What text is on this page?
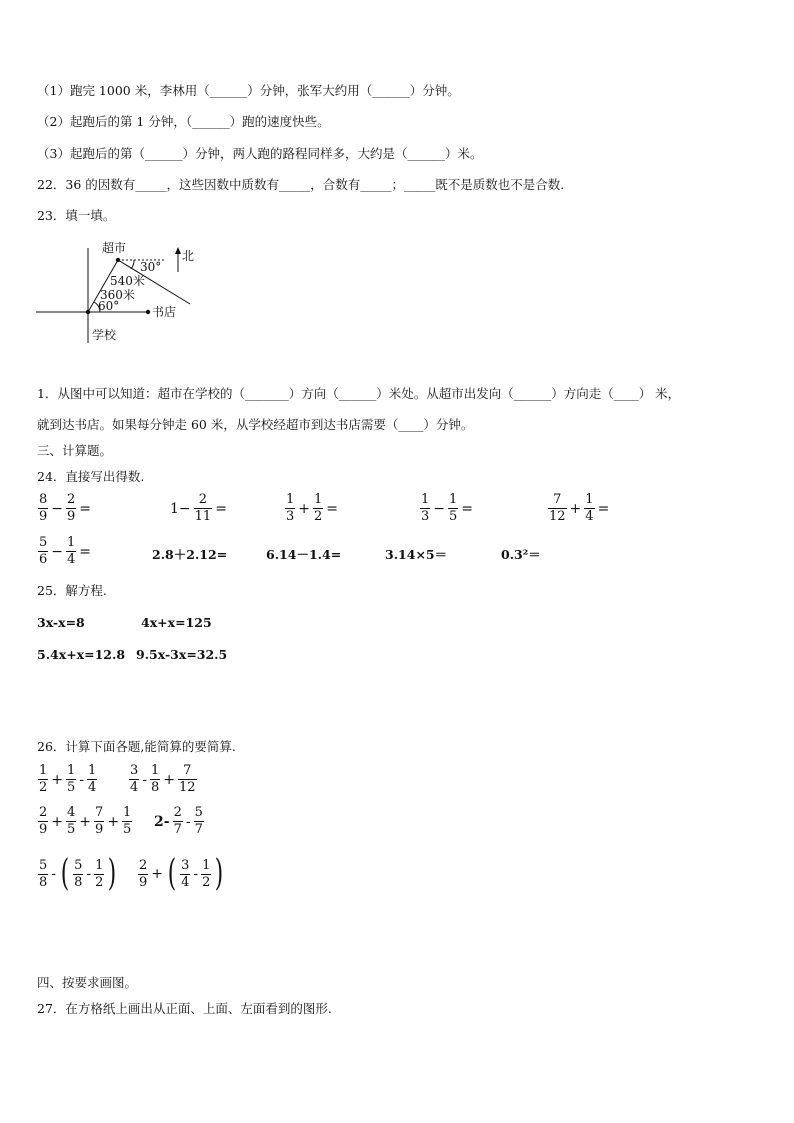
（1）跑完 1000 米，李林用（______）分钟，张军大约用（______）分钟。
（2）起跑后的第 1 分钟，（______）跑的速度快些。
（3）起跑后的第（______）分钟，两人跑的路程同样多，大约是（______）米。
22．36 的因数有_____，这些因数中质数有_____，合数有_____；_____既不是质数也不是合数.
23．填一填。
超市
北
30°
540米
360米
60°	书店
学校
1．从图中可以知道：超市在学校的（_______）方向（______）米处。从超市出发向（______）方向走（____） 米，
就到达书店。如果每分钟走 60 米，从学校经超市到达书店需要（____）分钟。
三、计算题。
24．直接写出得数.
$\frac{8}{9} - \frac{2}{9}$ =	$1- \frac{2}{11}$ =	$\frac{1}{3} + \frac{1}{2}$ =	$\frac{1}{3} - \frac{1}{5}$ =	$\frac{7}{12} + \frac{1}{4}$ =
$\frac{5}{6} - \frac{1}{4}$ =	2.8＋2.12=	6.14－1.4=	3.14×5＝	0.3²＝
25．解方程.
3x-x=8	4x+x=125
5.4x+x=12.8 9.5x-3x=32.5
26．计算下面各题,能简算的要简算.
$\frac{1}{2} + \frac{1}{5} - \frac{1}{4} \frac{3}{4} - \frac{1}{8} + \frac{7}{12}$
$\frac{2}{9} + \frac{4}{5} + \frac{7}{9} + \frac{1}{5} 2- \frac{2}{7} - \frac{5}{7}$
$\frac{5}{8}$ - ( $\frac{5}{8} - \frac{1}{2}$ ) $\frac{2}{9}$ + ( $\frac{3}{4} - \frac{1}{2}$ )
四、按要求画图。
27．在方格纸上画出从正面、上面、左面看到的图形.
